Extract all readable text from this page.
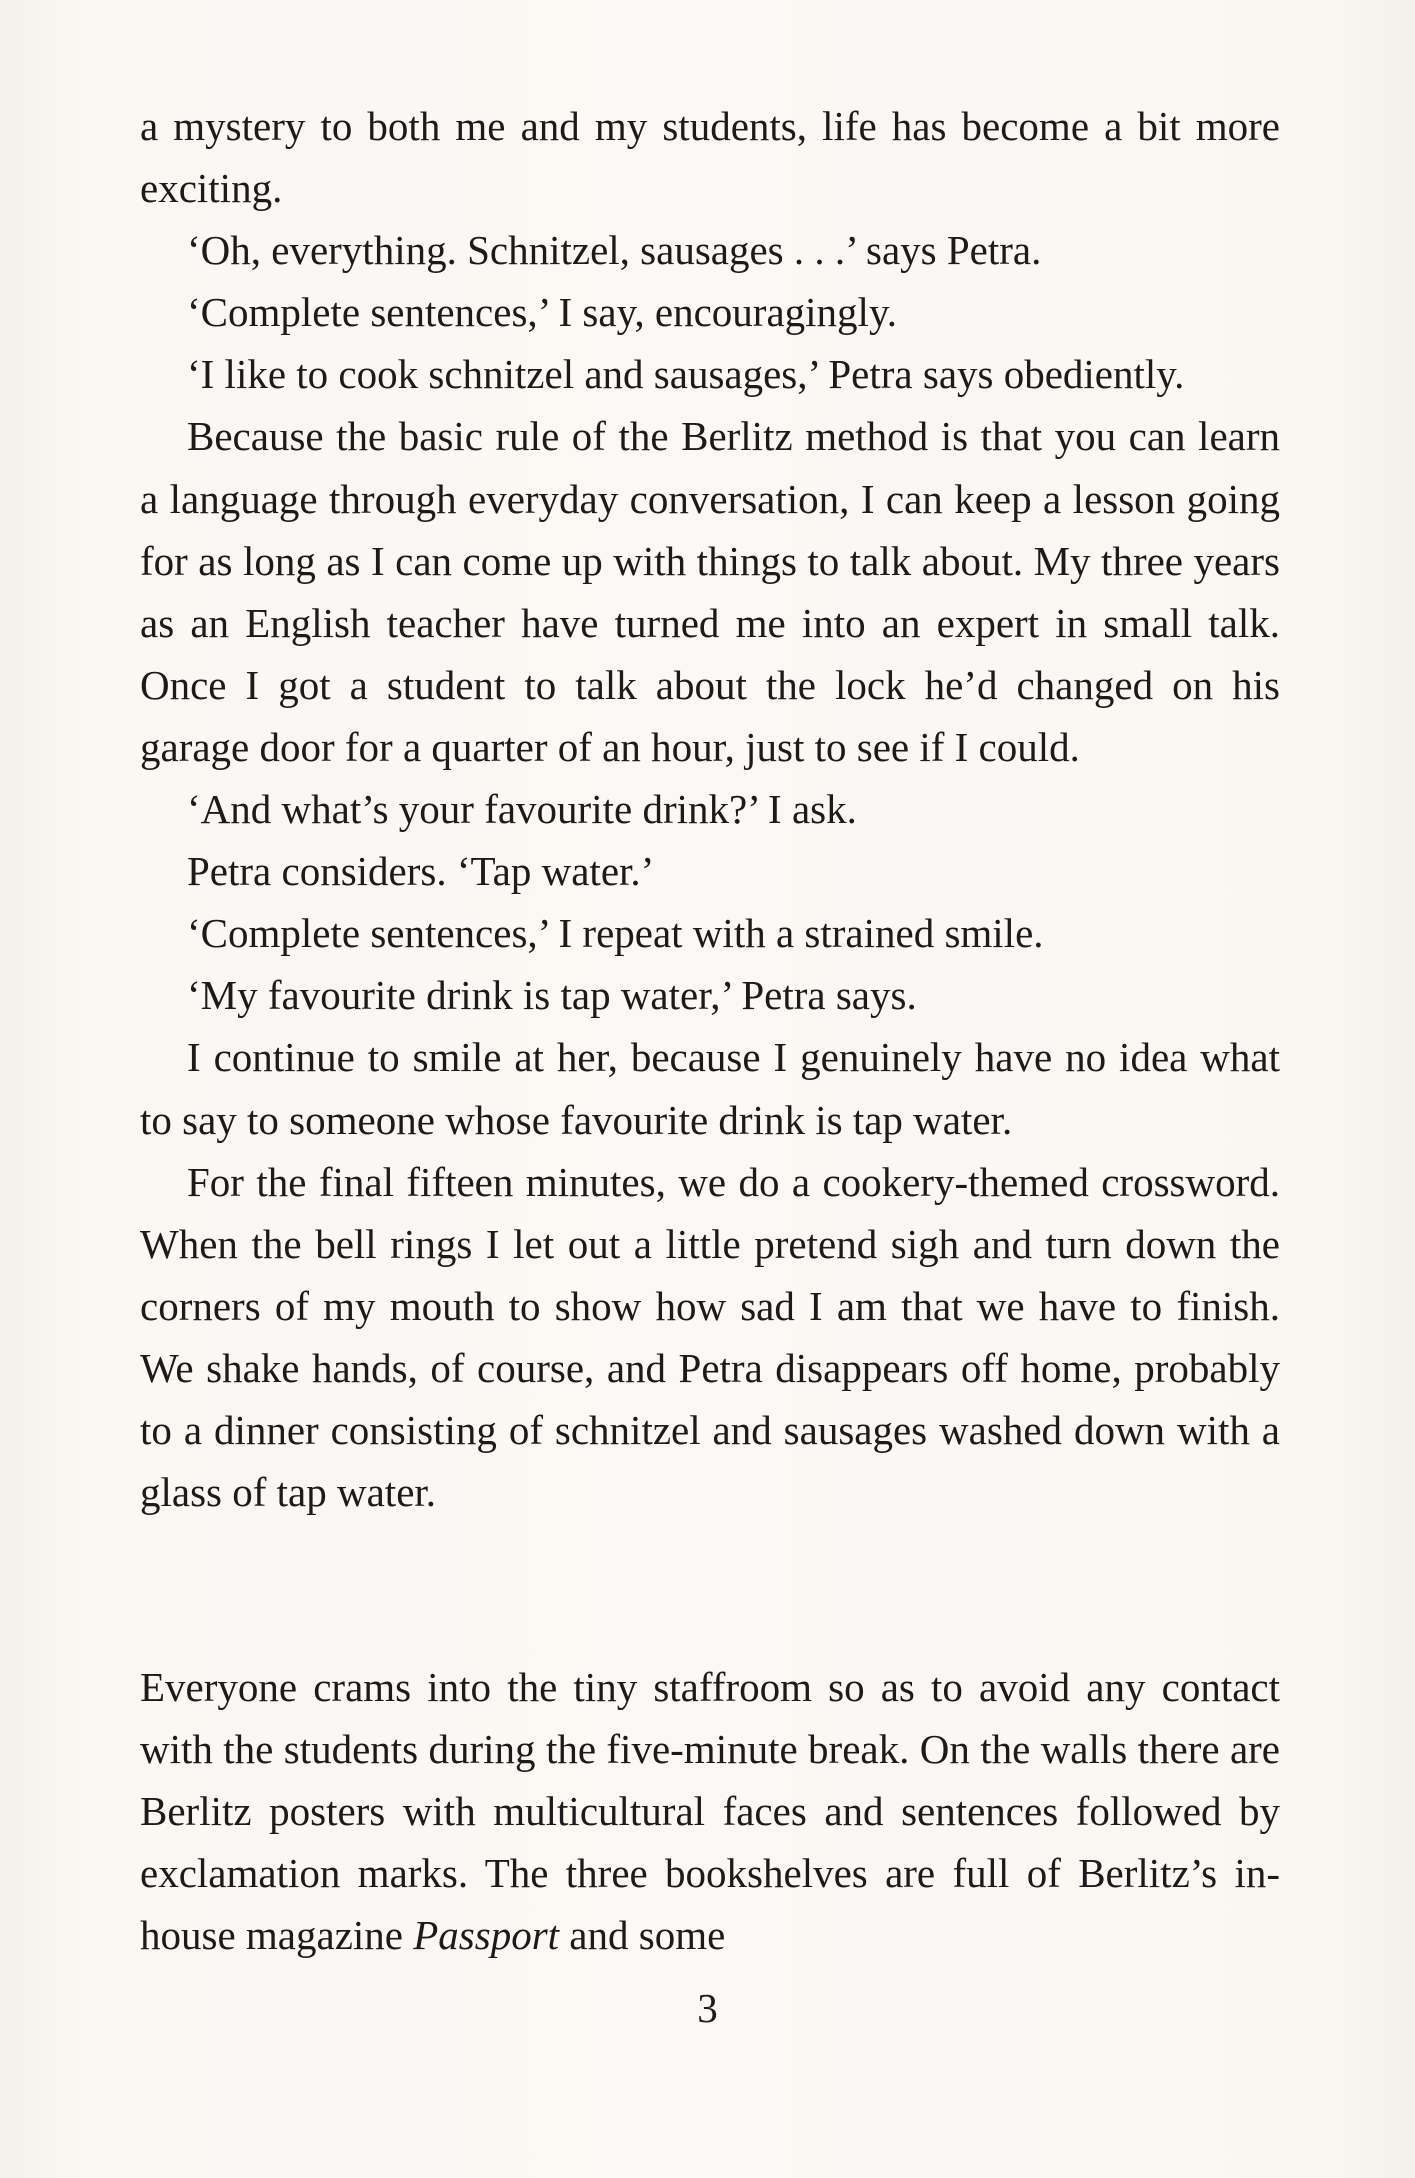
a mystery to both me and my students, life has become a bit more exciting.

‘Oh, everything. Schnitzel, sausages . . .’ says Petra.

‘Complete sentences,’ I say, encouragingly.

‘I like to cook schnitzel and sausages,’ Petra says obediently.

Because the basic rule of the Berlitz method is that you can learn a language through everyday conversation, I can keep a lesson going for as long as I can come up with things to talk about. My three years as an English teacher have turned me into an expert in small talk. Once I got a student to talk about the lock he’d changed on his garage door for a quarter of an hour, just to see if I could.

‘And what’s your favourite drink?’ I ask.

Petra considers. ‘Tap water.’

‘Complete sentences,’ I repeat with a strained smile.

‘My favourite drink is tap water,’ Petra says.

I continue to smile at her, because I genuinely have no idea what to say to someone whose favourite drink is tap water.

For the final fifteen minutes, we do a cookery-themed crossword. When the bell rings I let out a little pretend sigh and turn down the corners of my mouth to show how sad I am that we have to finish. We shake hands, of course, and Petra disappears off home, probably to a dinner consisting of schnitzel and sausages washed down with a glass of tap water.

Everyone crams into the tiny staffroom so as to avoid any contact with the students during the five-minute break. On the walls there are Berlitz posters with multicultural faces and sentences followed by exclamation marks. The three bookshelves are full of Berlitz’s in-house magazine Passport and some

3
